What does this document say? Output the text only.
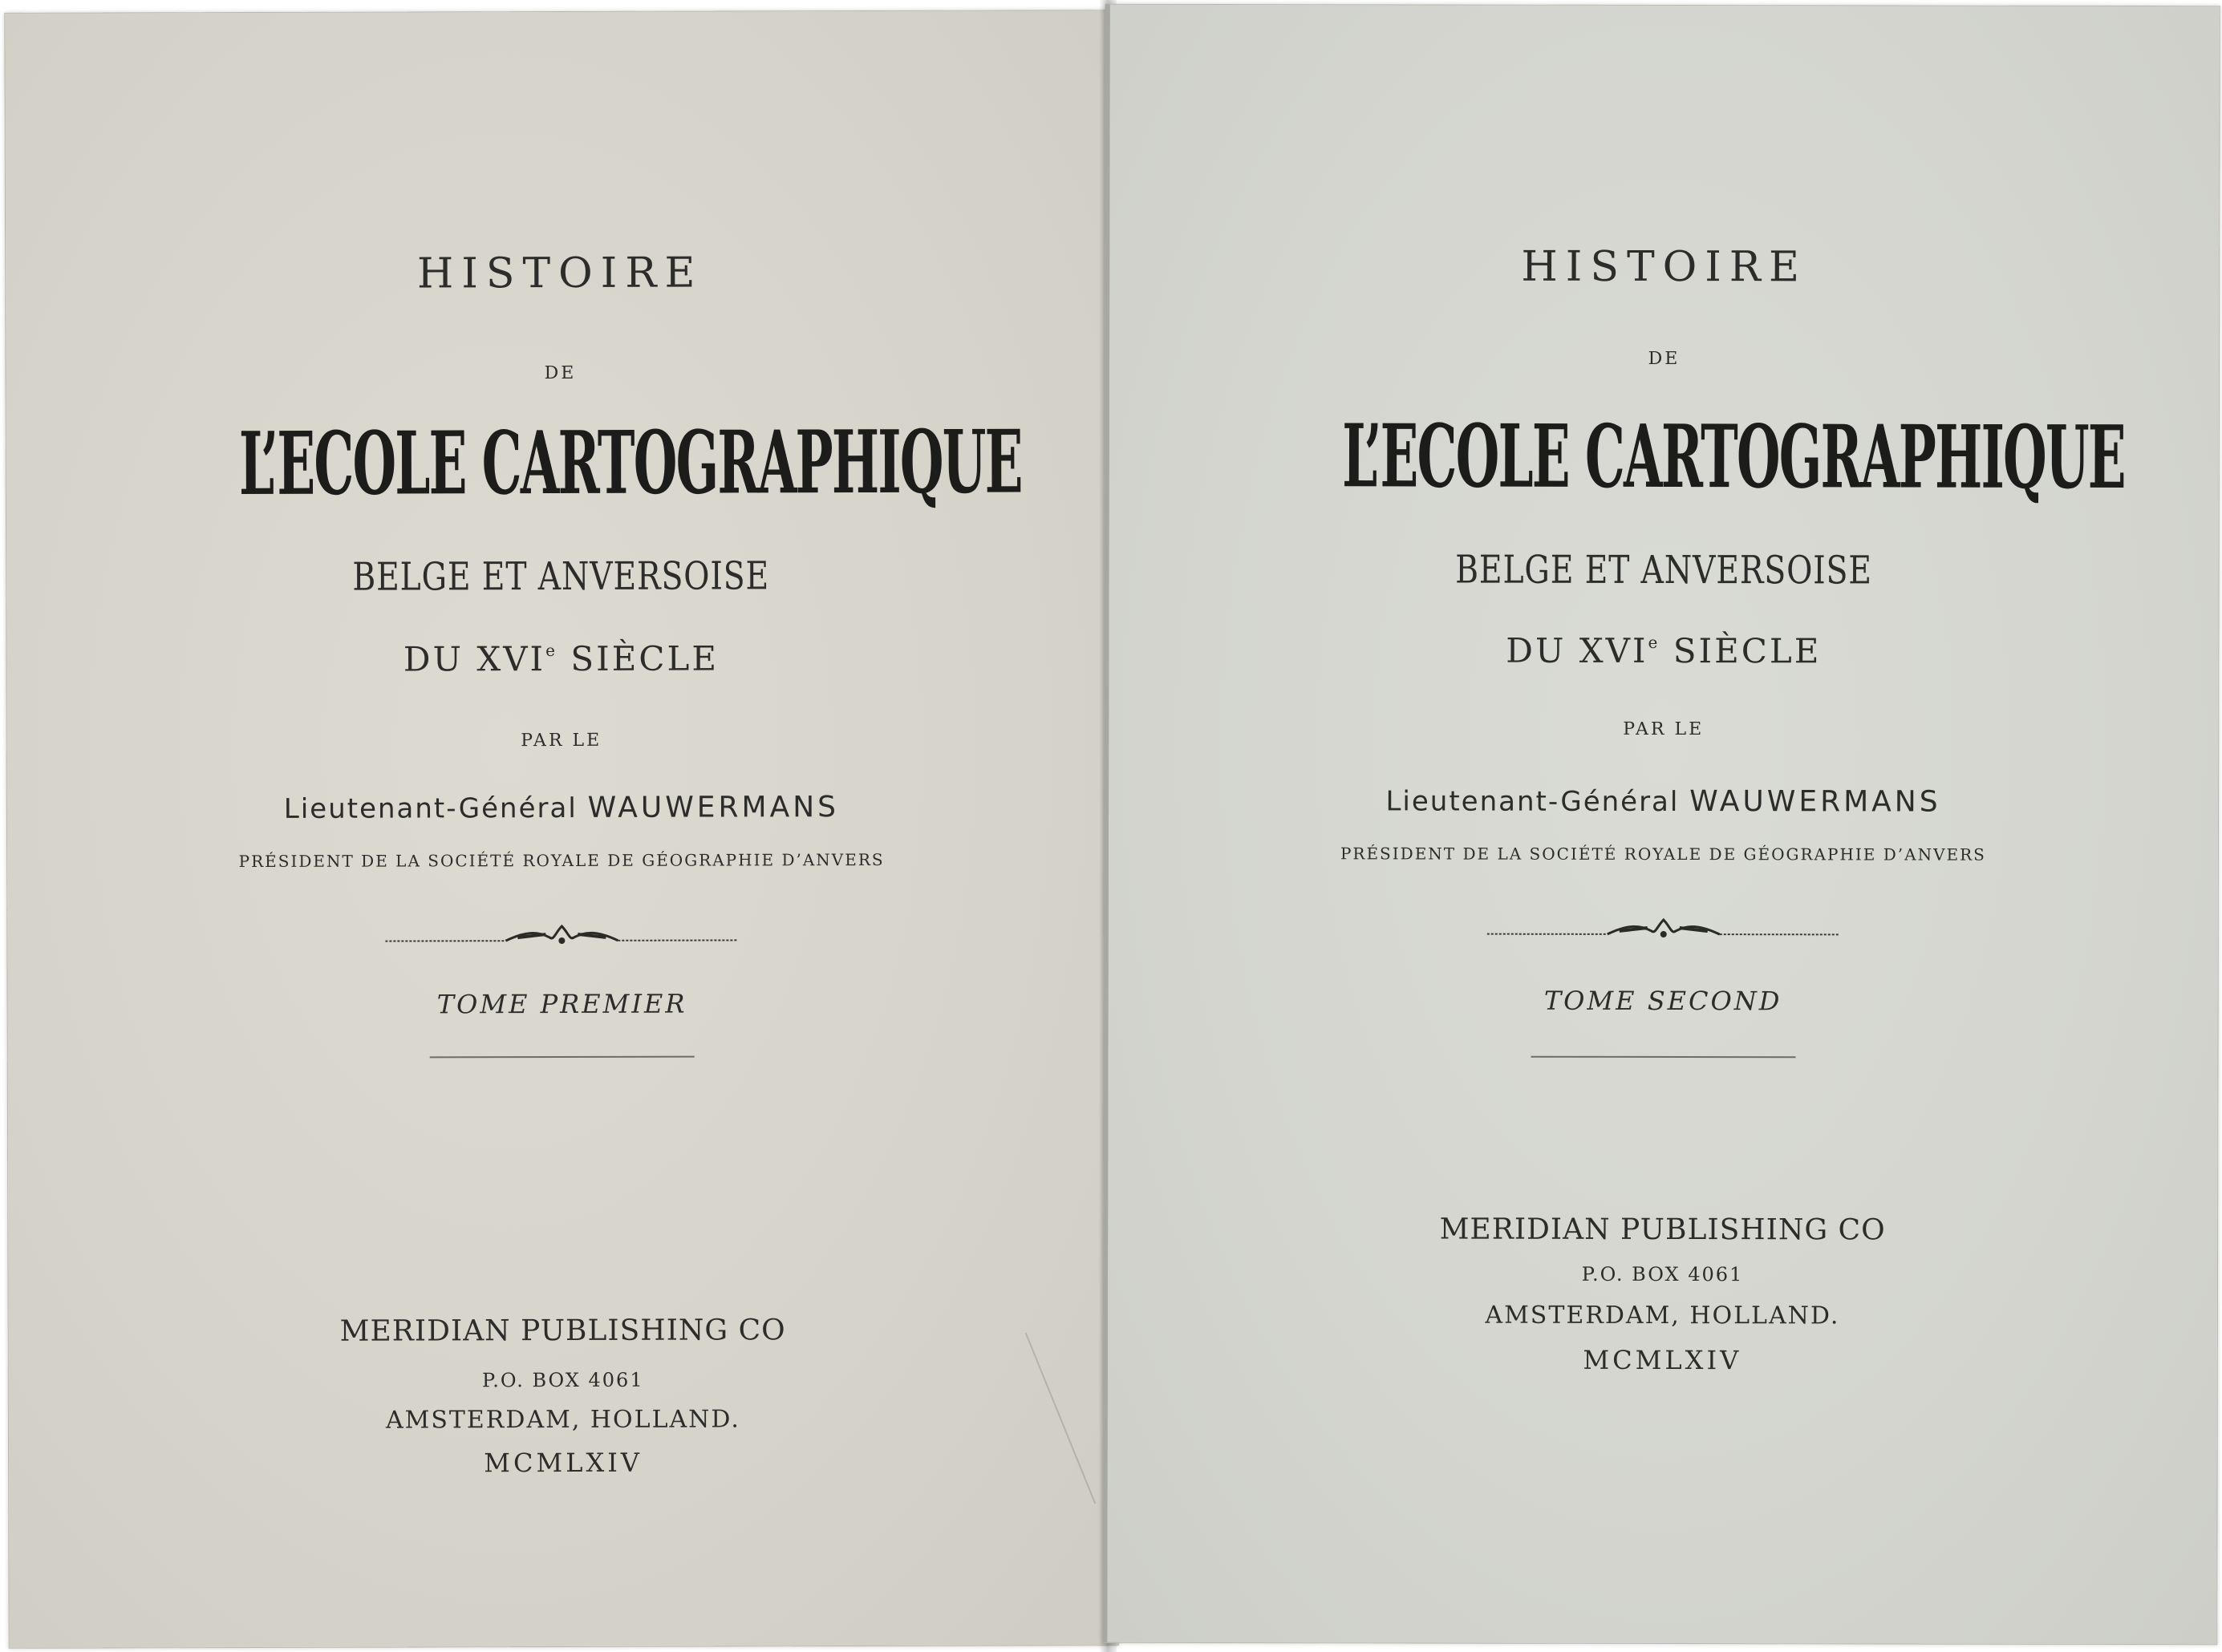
HISTOIRE
DE
L’ECOLE CARTOGRAPHIQUE
BELGE ET ANVERSOISE
DU XVIe SIÈCLE
PAR LE
Lieutenant-Général WAUWERMANS
PRÉSIDENT DE LA SOCIÉTÉ ROYALE DE GÉOGRAPHIE D’ANVERS
TOME PREMIER
MERIDIAN PUBLISHING CO
P.O. BOX 4061
AMSTERDAM, HOLLAND.
MCMLXIV
HISTOIRE
DE
L’ECOLE CARTOGRAPHIQUE
BELGE ET ANVERSOISE
DU XVIe SIÈCLE
PAR LE
Lieutenant-Général WAUWERMANS
PRÉSIDENT DE LA SOCIÉTÉ ROYALE DE GÉOGRAPHIE D’ANVERS
TOME SECOND
MERIDIAN PUBLISHING CO
P.O. BOX 4061
AMSTERDAM, HOLLAND.
MCMLXIV
